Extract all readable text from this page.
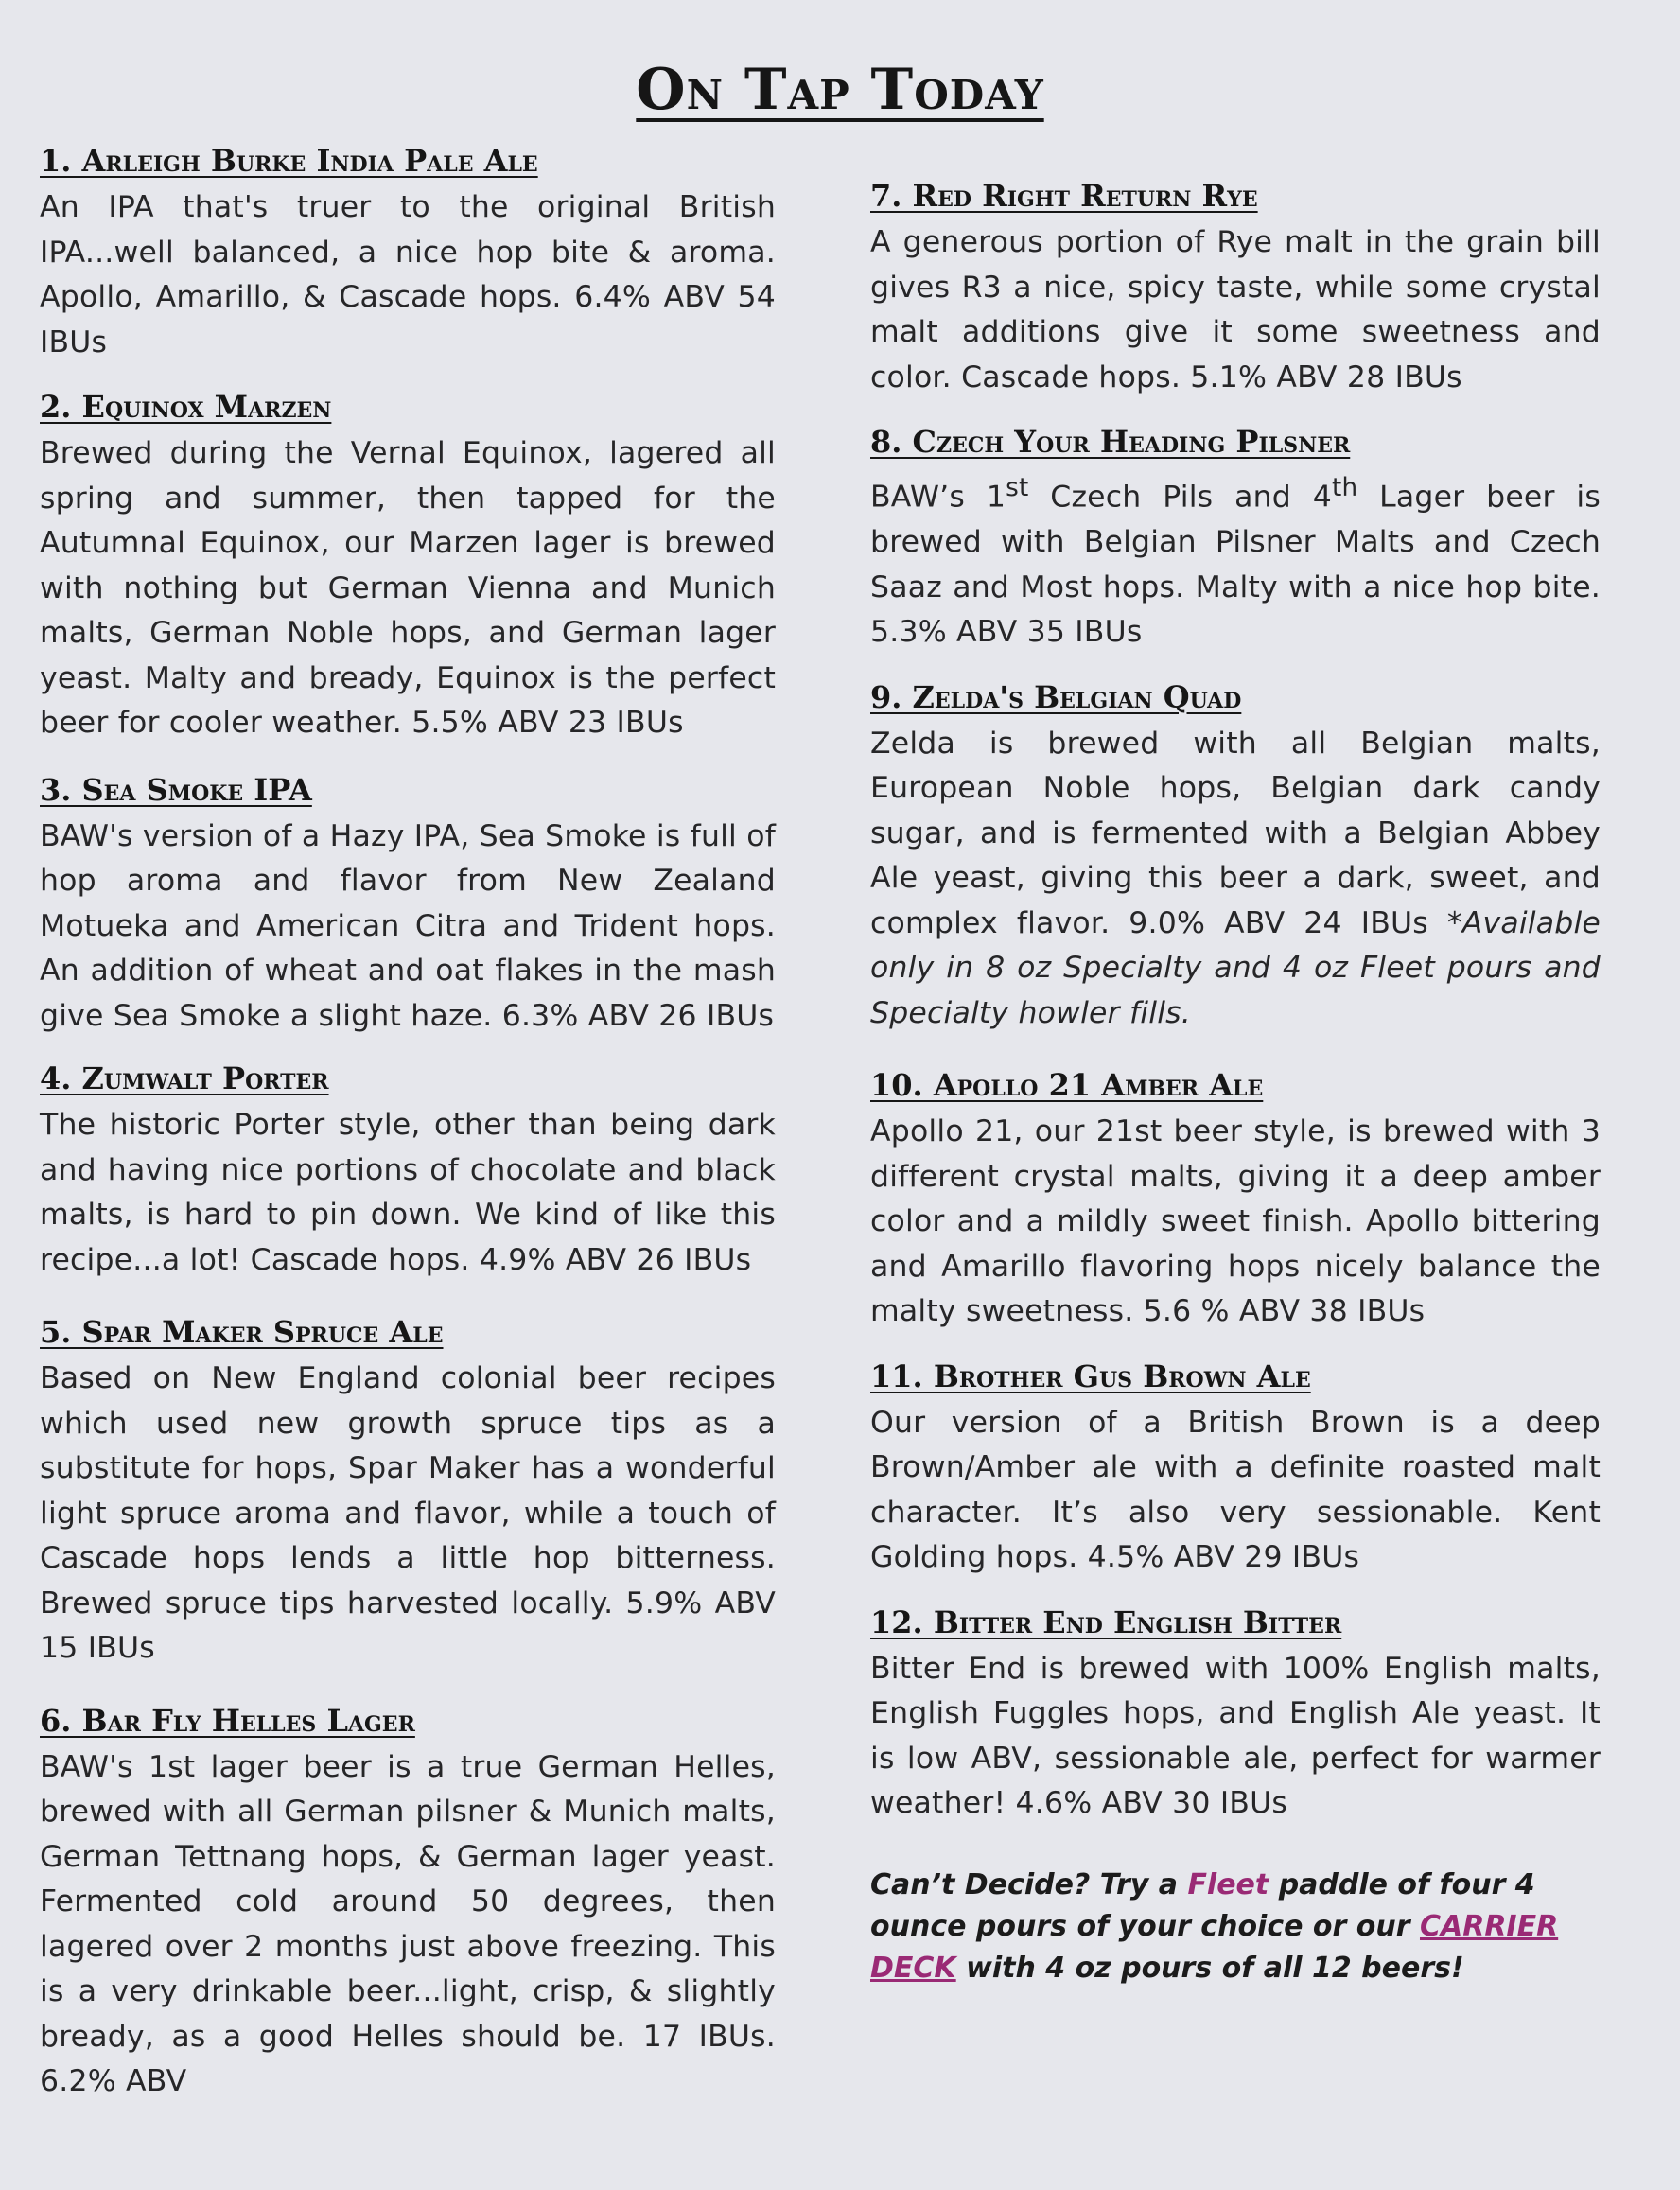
On Tap Today
1. Arleigh Burke India Pale Ale

An IPA that's truer to the original British IPA...well balanced, a nice hop bite & aroma. Apollo, Amarillo, & Cascade hops. 6.4% ABV 54 IBUs

2. Equinox Marzen

Brewed during the Vernal Equinox, lagered all spring and summer, then tapped for the Autumnal Equinox, our Marzen lager is brewed with nothing but German Vienna and Munich malts, German Noble hops, and German lager yeast. Malty and bready, Equinox is the perfect beer for cooler weather. 5.5% ABV 23 IBUs

3. Sea Smoke IPA

BAW's version of a Hazy IPA, Sea Smoke is full of hop aroma and flavor from New Zealand Motueka and American Citra and Trident hops. An addition of wheat and oat flakes in the mash give Sea Smoke a slight haze. 6.3% ABV 26 IBUs

4. Zumwalt Porter

The historic Porter style, other than being dark and having nice portions of chocolate and black malts, is hard to pin down. We kind of like this recipe...a lot! Cascade hops. 4.9% ABV 26 IBUs

5. Spar Maker Spruce Ale

Based on New England colonial beer recipes which used new growth spruce tips as a substitute for hops, Spar Maker has a wonderful light spruce aroma and flavor, while a touch of Cascade hops lends a little hop bitterness. Brewed spruce tips harvested locally. 5.9% ABV 15 IBUs

6. Bar Fly Helles Lager

BAW's 1st lager beer is a true German Helles, brewed with all German pilsner & Munich malts, German Tettnang hops, & German lager yeast. Fermented cold around 50 degrees, then lagered over 2 months just above freezing. This is a very drinkable beer...light, crisp, & slightly bready, as a good Helles should be. 17 IBUs. 6.2% ABV

7. Red Right Return Rye

A generous portion of Rye malt in the grain bill gives R3 a nice, spicy taste, while some crystal malt additions give it some sweetness and color. Cascade hops. 5.1% ABV 28 IBUs

8. Czech Your Heading Pilsner

BAW’s 1st Czech Pils and 4th Lager beer is brewed with Belgian Pilsner Malts and Czech Saaz and Most hops. Malty with a nice hop bite. 5.3% ABV 35 IBUs

9. Zelda's Belgian Quad

Zelda is brewed with all Belgian malts, European Noble hops, Belgian dark candy sugar, and is fermented with a Belgian Abbey Ale yeast, giving this beer a dark, sweet, and complex flavor. 9.0% ABV 24 IBUs *Available only in 8 oz Specialty and 4 oz Fleet pours and Specialty howler fills.

10. Apollo 21 Amber Ale

Apollo 21, our 21st beer style, is brewed with 3 different crystal malts, giving it a deep amber color and a mildly sweet finish. Apollo bittering and Amarillo flavoring hops nicely balance the malty sweetness. 5.6 % ABV 38 IBUs

11. Brother Gus Brown Ale

Our version of a British Brown is a deep Brown/Amber ale with a definite roasted malt character. It’s also very sessionable. Kent Golding hops. 4.5% ABV 29 IBUs

12. Bitter End English Bitter

Bitter End is brewed with 100% English malts, English Fuggles hops, and English Ale yeast. It is low ABV, sessionable ale, perfect for warmer weather! 4.6% ABV 30 IBUs

Can’t Decide? Try a Fleet paddle of four 4 ounce pours of your choice or our CARRIER DECK with 4 oz pours of all 12 beers!
